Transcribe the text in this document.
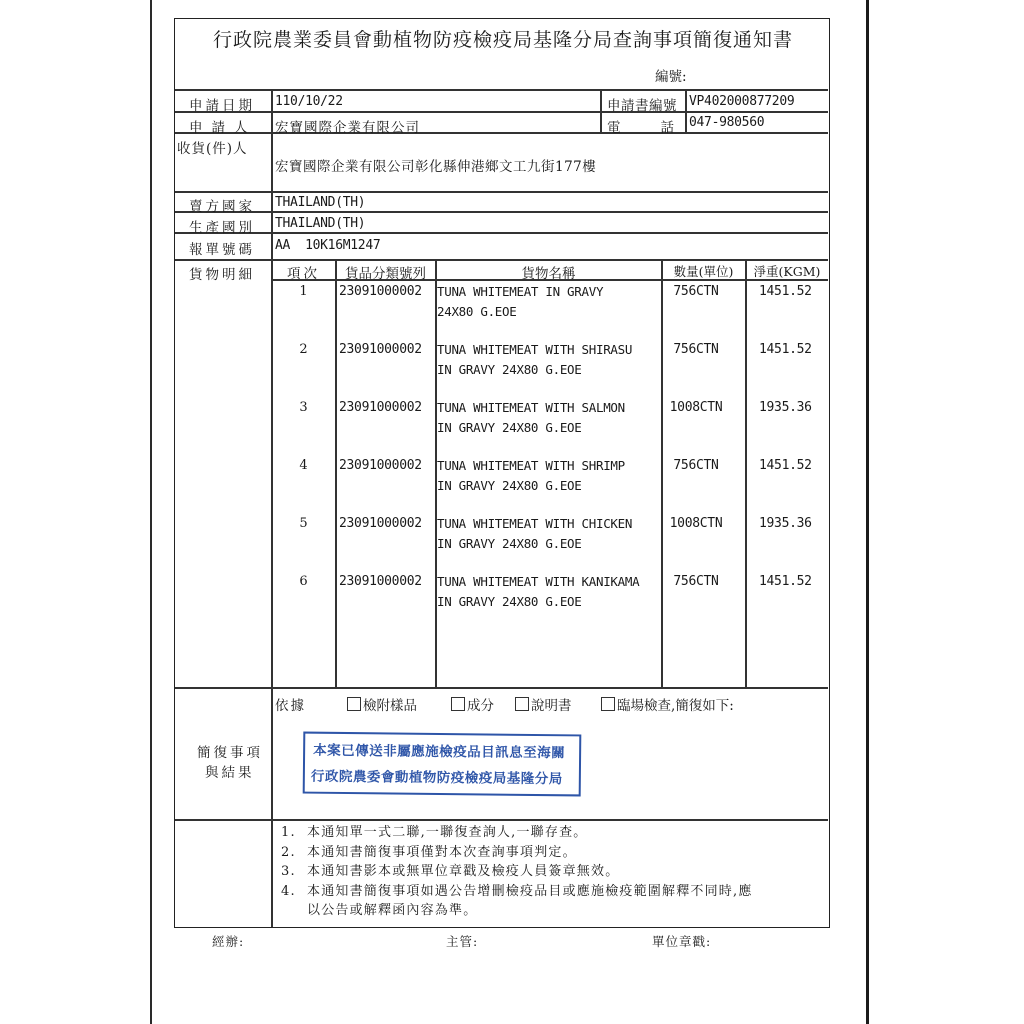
行政院農業委員會動植物防疫檢疫局基隆分局查詢事項簡復通知書
編號:
申請日期 110/10/22	申請書編號 VP402000877209
申請人 宏寶國際企業有限公司	電話
047-980560
收貨(件)人
宏寶國際企業有限公司彰化縣伸港鄉文工九街177樓
賣方國家 THAILAND(TH)
生產國別 THAILAND(TH)
報單號碼 AA  10K16M1247
貨物明細	項次	貨品分類號列	貨物名稱	數量(單位)	淨重(KGM)
1	23091000002 TUNA WHITEMEAT IN GRAVY
24X80 G.EOE
756CTN	1451.52
2	23091000002 TUNA WHITEMEAT WITH SHIRASU
IN GRAVY 24X80 G.EOE
756CTN	1451.52
3	23091000002 TUNA WHITEMEAT WITH SALMON
IN GRAVY 24X80 G.EOE
1008CTN	1935.36
4	23091000002 TUNA WHITEMEAT WITH SHRIMP
IN GRAVY 24X80 G.EOE
756CTN	1451.52
5	23091000002 TUNA WHITEMEAT WITH CHICKEN
IN GRAVY 24X80 G.EOE
1008CTN	1935.36
6	23091000002 TUNA WHITEMEAT WITH KANIKAMA
IN GRAVY 24X80 G.EOE
756CTN	1451.52
簡復事項
與結果
依據	檢附樣品	成分	說明書	臨場檢查,簡復如下:
本案已傳送非屬應施檢疫品目訊息至海關
行政院農委會動植物防疫檢疫局基隆分局
1. 本通知單一式二聯,一聯復查詢人,一聯存查。
2. 本通知書簡復事項僅對本次查詢事項判定。
3. 本通知書影本或無單位章戳及檢疫人員簽章無效。
4. 本通知書簡復事項如遇公告增刪檢疫品目或應施檢疫範圍解釋不同時,應
以公告或解釋函內容為準。
經辦:	主管:	單位章戳:
